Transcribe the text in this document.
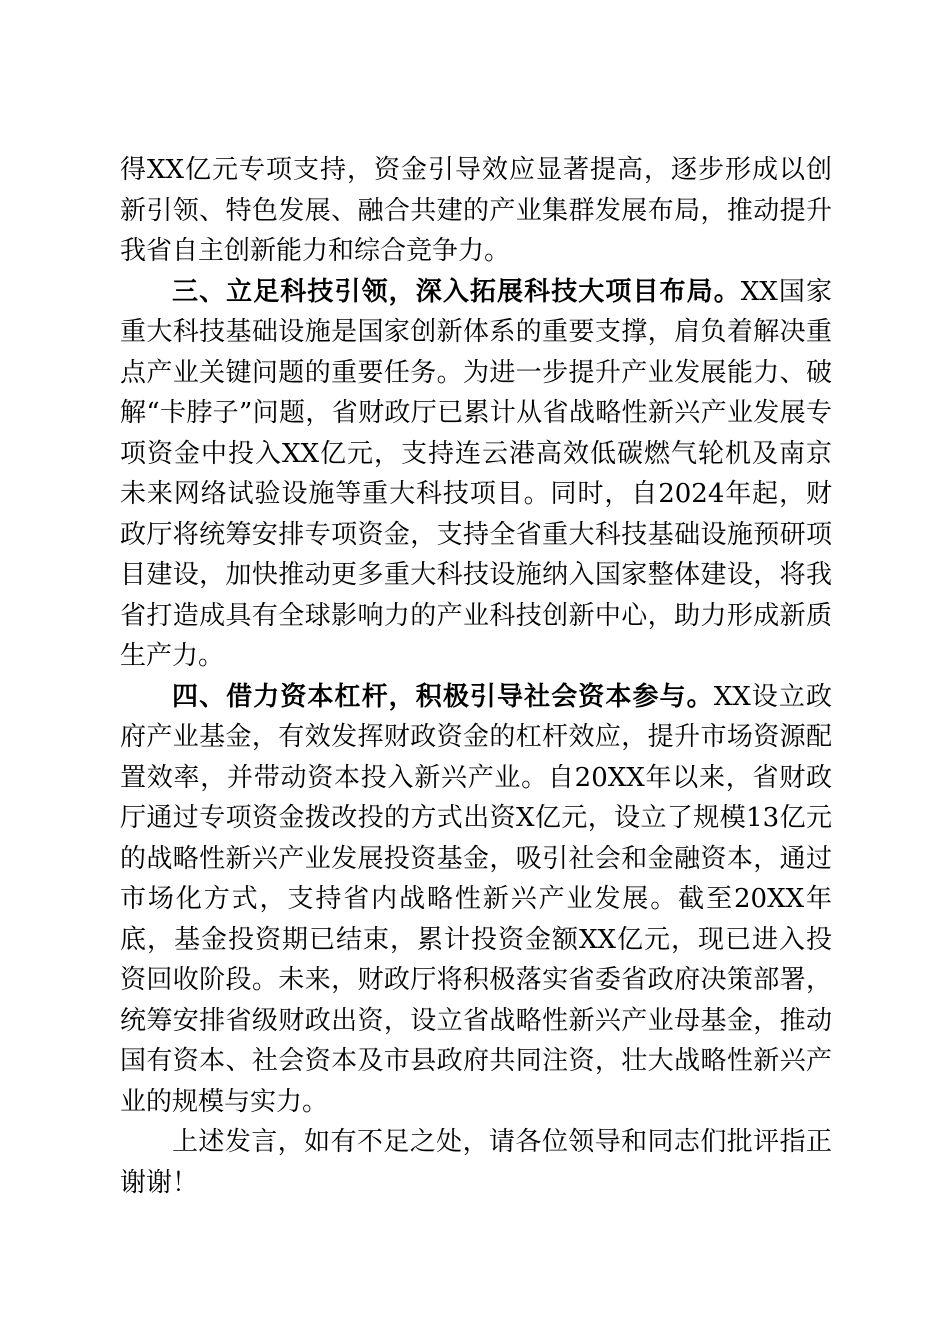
得XX亿元专项支持，资金引导效应显著提高，逐步形成以创新引领、特色发展、融合共建的产业集群发展布局，推动提升我省自主创新能力和综合竞争力。

三、立足科技引领，深入拓展科技大项目布局。XX国家重大科技基础设施是国家创新体系的重要支撑，肩负着解决重点产业关键问题的重要任务。为进一步提升产业发展能力、破解“卡脖子”问题，省财政厅已累计从省战略性新兴产业发展专项资金中投入XX亿元，支持连云港高效低碳燃气轮机及南京未来网络试验设施等重大科技项目。同时，自2024年起，财政厅将统筹安排专项资金，支持全省重大科技基础设施预研项目建设，加快推动更多重大科技设施纳入国家整体建设，将我省打造成具有全球影响力的产业科技创新中心，助力形成新质生产力。

四、借力资本杠杆，积极引导社会资本参与。XX设立政府产业基金，有效发挥财政资金的杠杆效应，提升市场资源配置效率，并带动资本投入新兴产业。自20XX年以来，省财政厅通过专项资金拨改投的方式出资X亿元，设立了规模13亿元的战略性新兴产业发展投资基金，吸引社会和金融资本，通过市场化方式，支持省内战略性新兴产业发展。截至20XX年底，基金投资期已结束，累计投资金额XX亿元，现已进入投资回收阶段。未来，财政厅将积极落实省委省政府决策部署，统筹安排省级财政出资，设立省战略性新兴产业母基金，推动国有资本、社会资本及市县政府共同注资，壮大战略性新兴产业的规模与实力。

上述发言，如有不足之处，请各位领导和同志们批评指正谢谢！
